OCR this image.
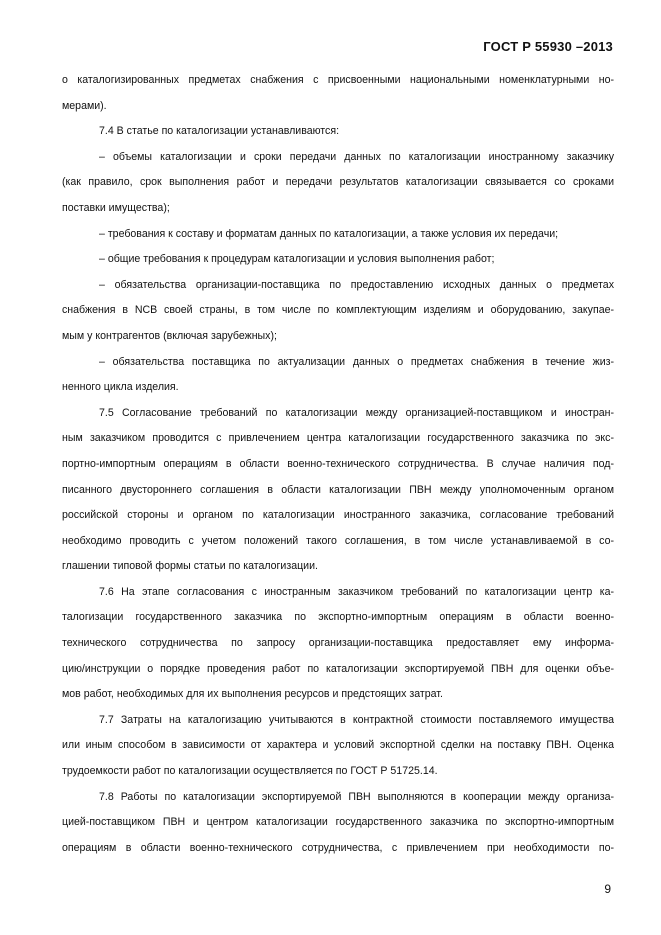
ГОСТ Р 55930 –2013
о каталогизированных предметах снабжения с присвоенными национальными номенклатурными но-
мерами).
7.4 В статье по каталогизации устанавливаются:
– объемы каталогизации и сроки передачи данных по каталогизации иностранному заказчику
(как правило, срок выполнения работ и передачи результатов каталогизации связывается со сроками
поставки имущества);
– требования к составу и форматам данных по каталогизации, а также условия их передачи;
– общие требования к процедурам каталогизации и условия выполнения работ;
– обязательства организации-поставщика по предоставлению исходных данных о предметах
снабжения в NCB своей страны, в том числе по комплектующим изделиям и оборудованию, закупае-
мым у контрагентов (включая зарубежных);
– обязательства поставщика по актуализации данных о предметах снабжения в течение жиз-
ненного цикла изделия.
7.5 Согласование требований по каталогизации между организацией-поставщиком и иностран-
ным заказчиком проводится с привлечением центра каталогизации государственного заказчика по экс-
портно-импортным операциям в области военно-технического сотрудничества. В случае наличия под-
писанного двустороннего соглашения в области каталогизации ПВН между уполномоченным органом
российской стороны и органом по каталогизации иностранного заказчика, согласование требований
необходимо проводить с учетом положений такого соглашения, в том числе устанавливаемой в со-
глашении типовой формы статьи по каталогизации.
7.6 На этапе согласования с иностранным заказчиком требований по каталогизации центр ка-
талогизации государственного заказчика по экспортно-импортным операциям в области военно-
технического сотрудничества по запросу организации-поставщика предоставляет ему информа-
цию/инструкции о порядке проведения работ по каталогизации экспортируемой ПВН для оценки объе-
мов работ, необходимых для их выполнения ресурсов и предстоящих затрат.
7.7 Затраты на каталогизацию учитываются в контрактной стоимости поставляемого имущества
или иным способом в зависимости от характера и условий экспортной сделки на поставку ПВН. Оценка
трудоемкости работ по каталогизации осуществляется по ГОСТ Р 51725.14.
7.8 Работы по каталогизации экспортируемой ПВН выполняются в кооперации между организа-
цией-поставщиком ПВН и центром каталогизации государственного заказчика по экспортно-импортным
операциям в области военно-технического сотрудничества, с привлечением при необходимости по-
9
